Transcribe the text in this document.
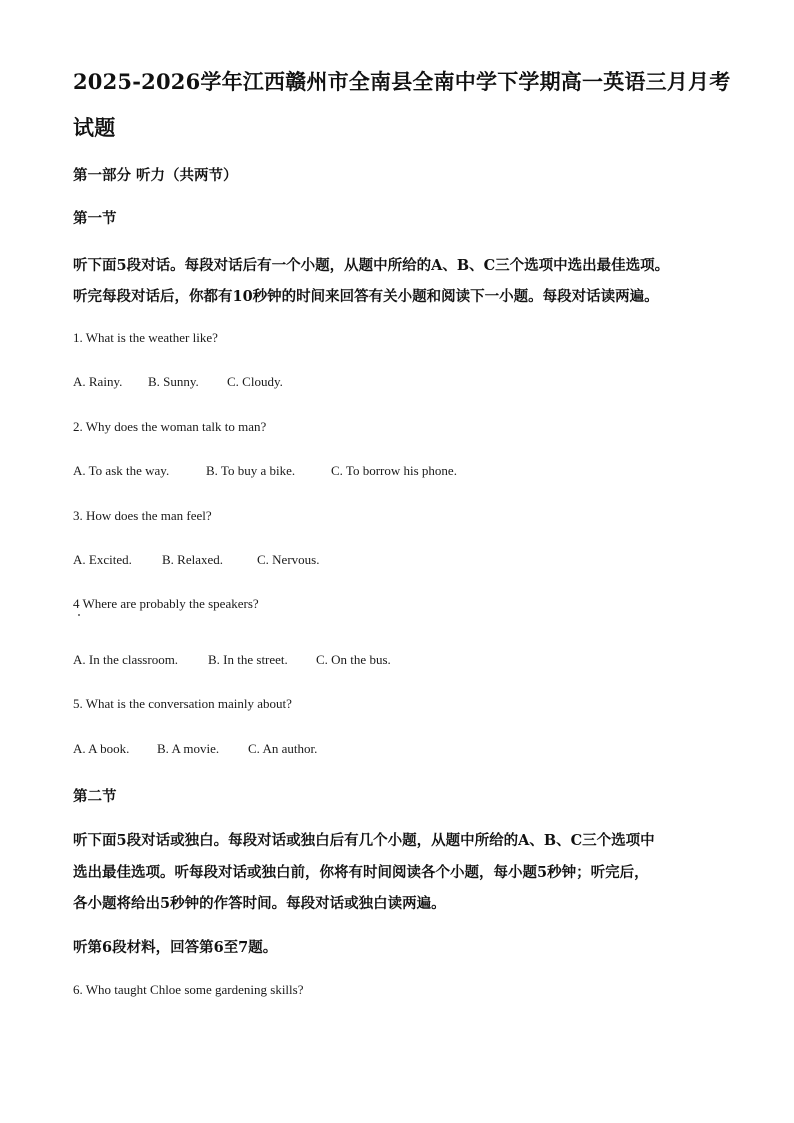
2025-2026学年江西赣州市全南县全南中学下学期高一英语三月月考
试题
第一部分 听力（共两节）
第一节
听下面5段对话。每段对话后有一个小题，从题中所给的A、B、C三个选项中选出最佳选项。
听完每段对话后，你都有10秒钟的时间来回答有关小题和阅读下一小题。每段对话读两遍。
1. What is the weather like?
A. Rainy. B. Sunny. C. Cloudy.
2. Why does the woman talk to man?
A. To ask the way.	B. To buy a bike.	C. To borrow his phone.
3. How does the man feel?
A. Excited. B. Relaxed.	C. Nervous.
4 Where are probably the speakers?
A. In the classroom. B. In the street. C. On the bus.
5. What is the conversation mainly about?
A. A book. B. A movie. C. An author.
第二节
听下面5段对话或独白。每段对话或独白后有几个小题，从题中所给的A、B、C三个选项中
选出最佳选项。听每段对话或独白前，你将有时间阅读各个小题，每小题5秒钟；听完后，
各小题将给出5秒钟的作答时间。每段对话或独白读两遍。
听第6段材料，回答第6至7题。
6. Who taught Chloe some gardening skills?
